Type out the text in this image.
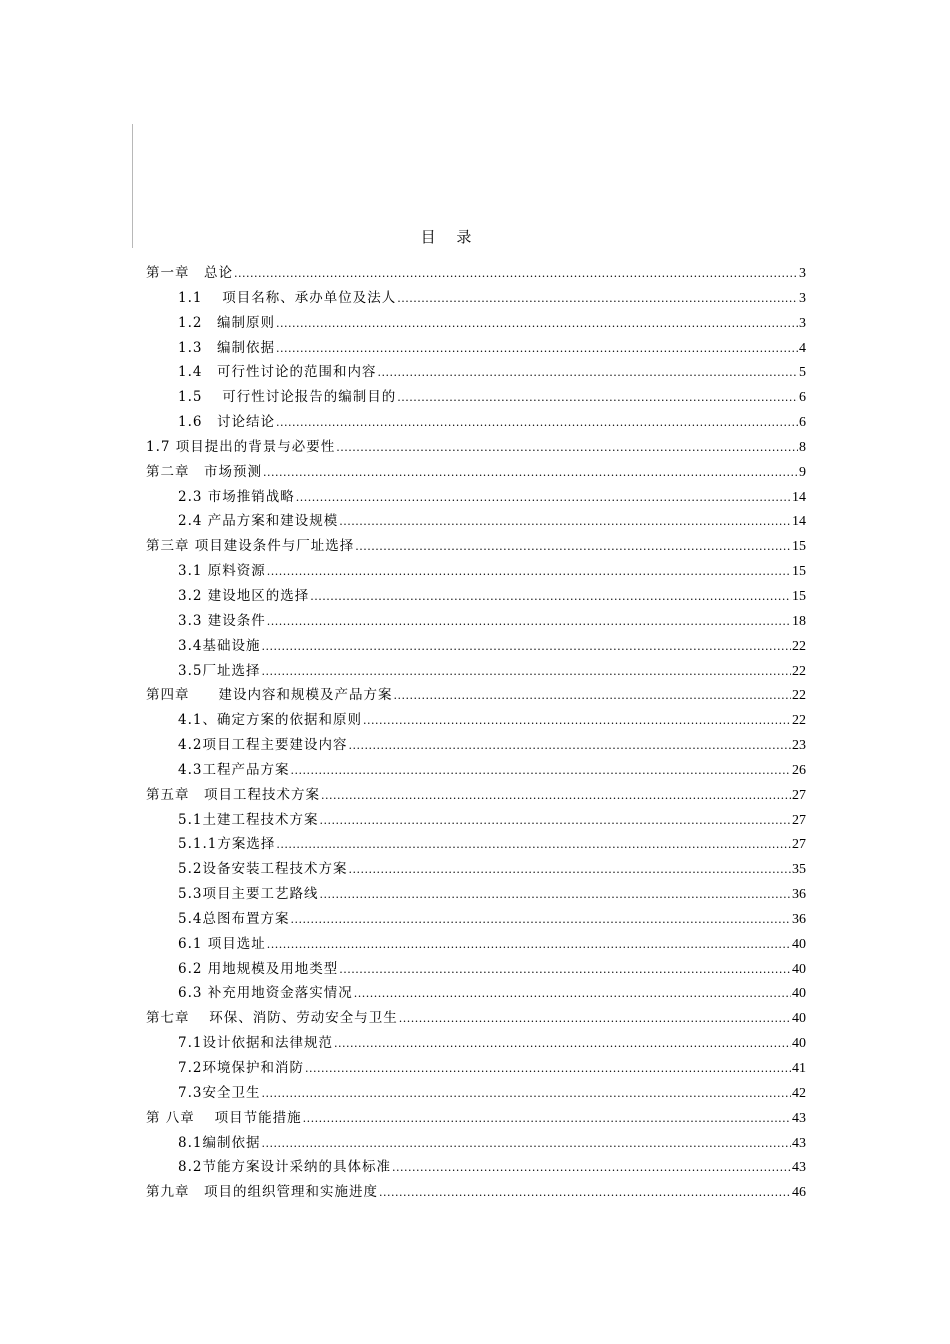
目 录
第一章　总论 .....	3
1.1　 项目名称、承办单位及法人 .....	3
1.2　编制原则 .....	3
1.3　编制依据 .....	4
1.4　可行性讨论的范围和内容 .....	5
1.5　 可行性讨论报告的编制目的 .....	6
1.6　讨论结论 .....	6
1.7 项目提出的背景与必要性 .....	8
第二章　市场预测 .....	9
2.3 市场推销战略 .....	14
2.4 产品方案和建设规模 .....	14
第三章 项目建设条件与厂址选择 .....	15
3.1 原料资源 .....	15
3.2 建设地区的选择 .....	15
3.3 建设条件 .....	18
3.4基础设施 .....	22
3.5厂址选择 .....	22
第四章　　建设内容和规模及产品方案 .....	22
4.1、确定方案的依据和原则 .....	22
4.2项目工程主要建设内容 .....	23
4.3工程产品方案 .....	26
第五章　项目工程技术方案 .....	27
5.1土建工程技术方案 .....	27
5.1.1方案选择 .....	27
5.2设备安装工程技术方案 .....	35
5.3项目主要工艺路线 .....	36
5.4总图布置方案 .....	36
6.1 项目选址 .....	40
6.2 用地规模及用地类型 .....	40
6.3 补充用地资金落实情况 .....	40
第七章　 环保、消防、劳动安全与卫生 .....	40
7.1设计依据和法律规范 .....	40
7.2环境保护和消防 .....	41
7.3安全卫生 .....	42
第 八章　 项目节能措施 .....	43
8.1编制依据 .....	43
8.2节能方案设计采纳的具体标准 .....	43
第九章　项目的组织管理和实施进度 .....	46
